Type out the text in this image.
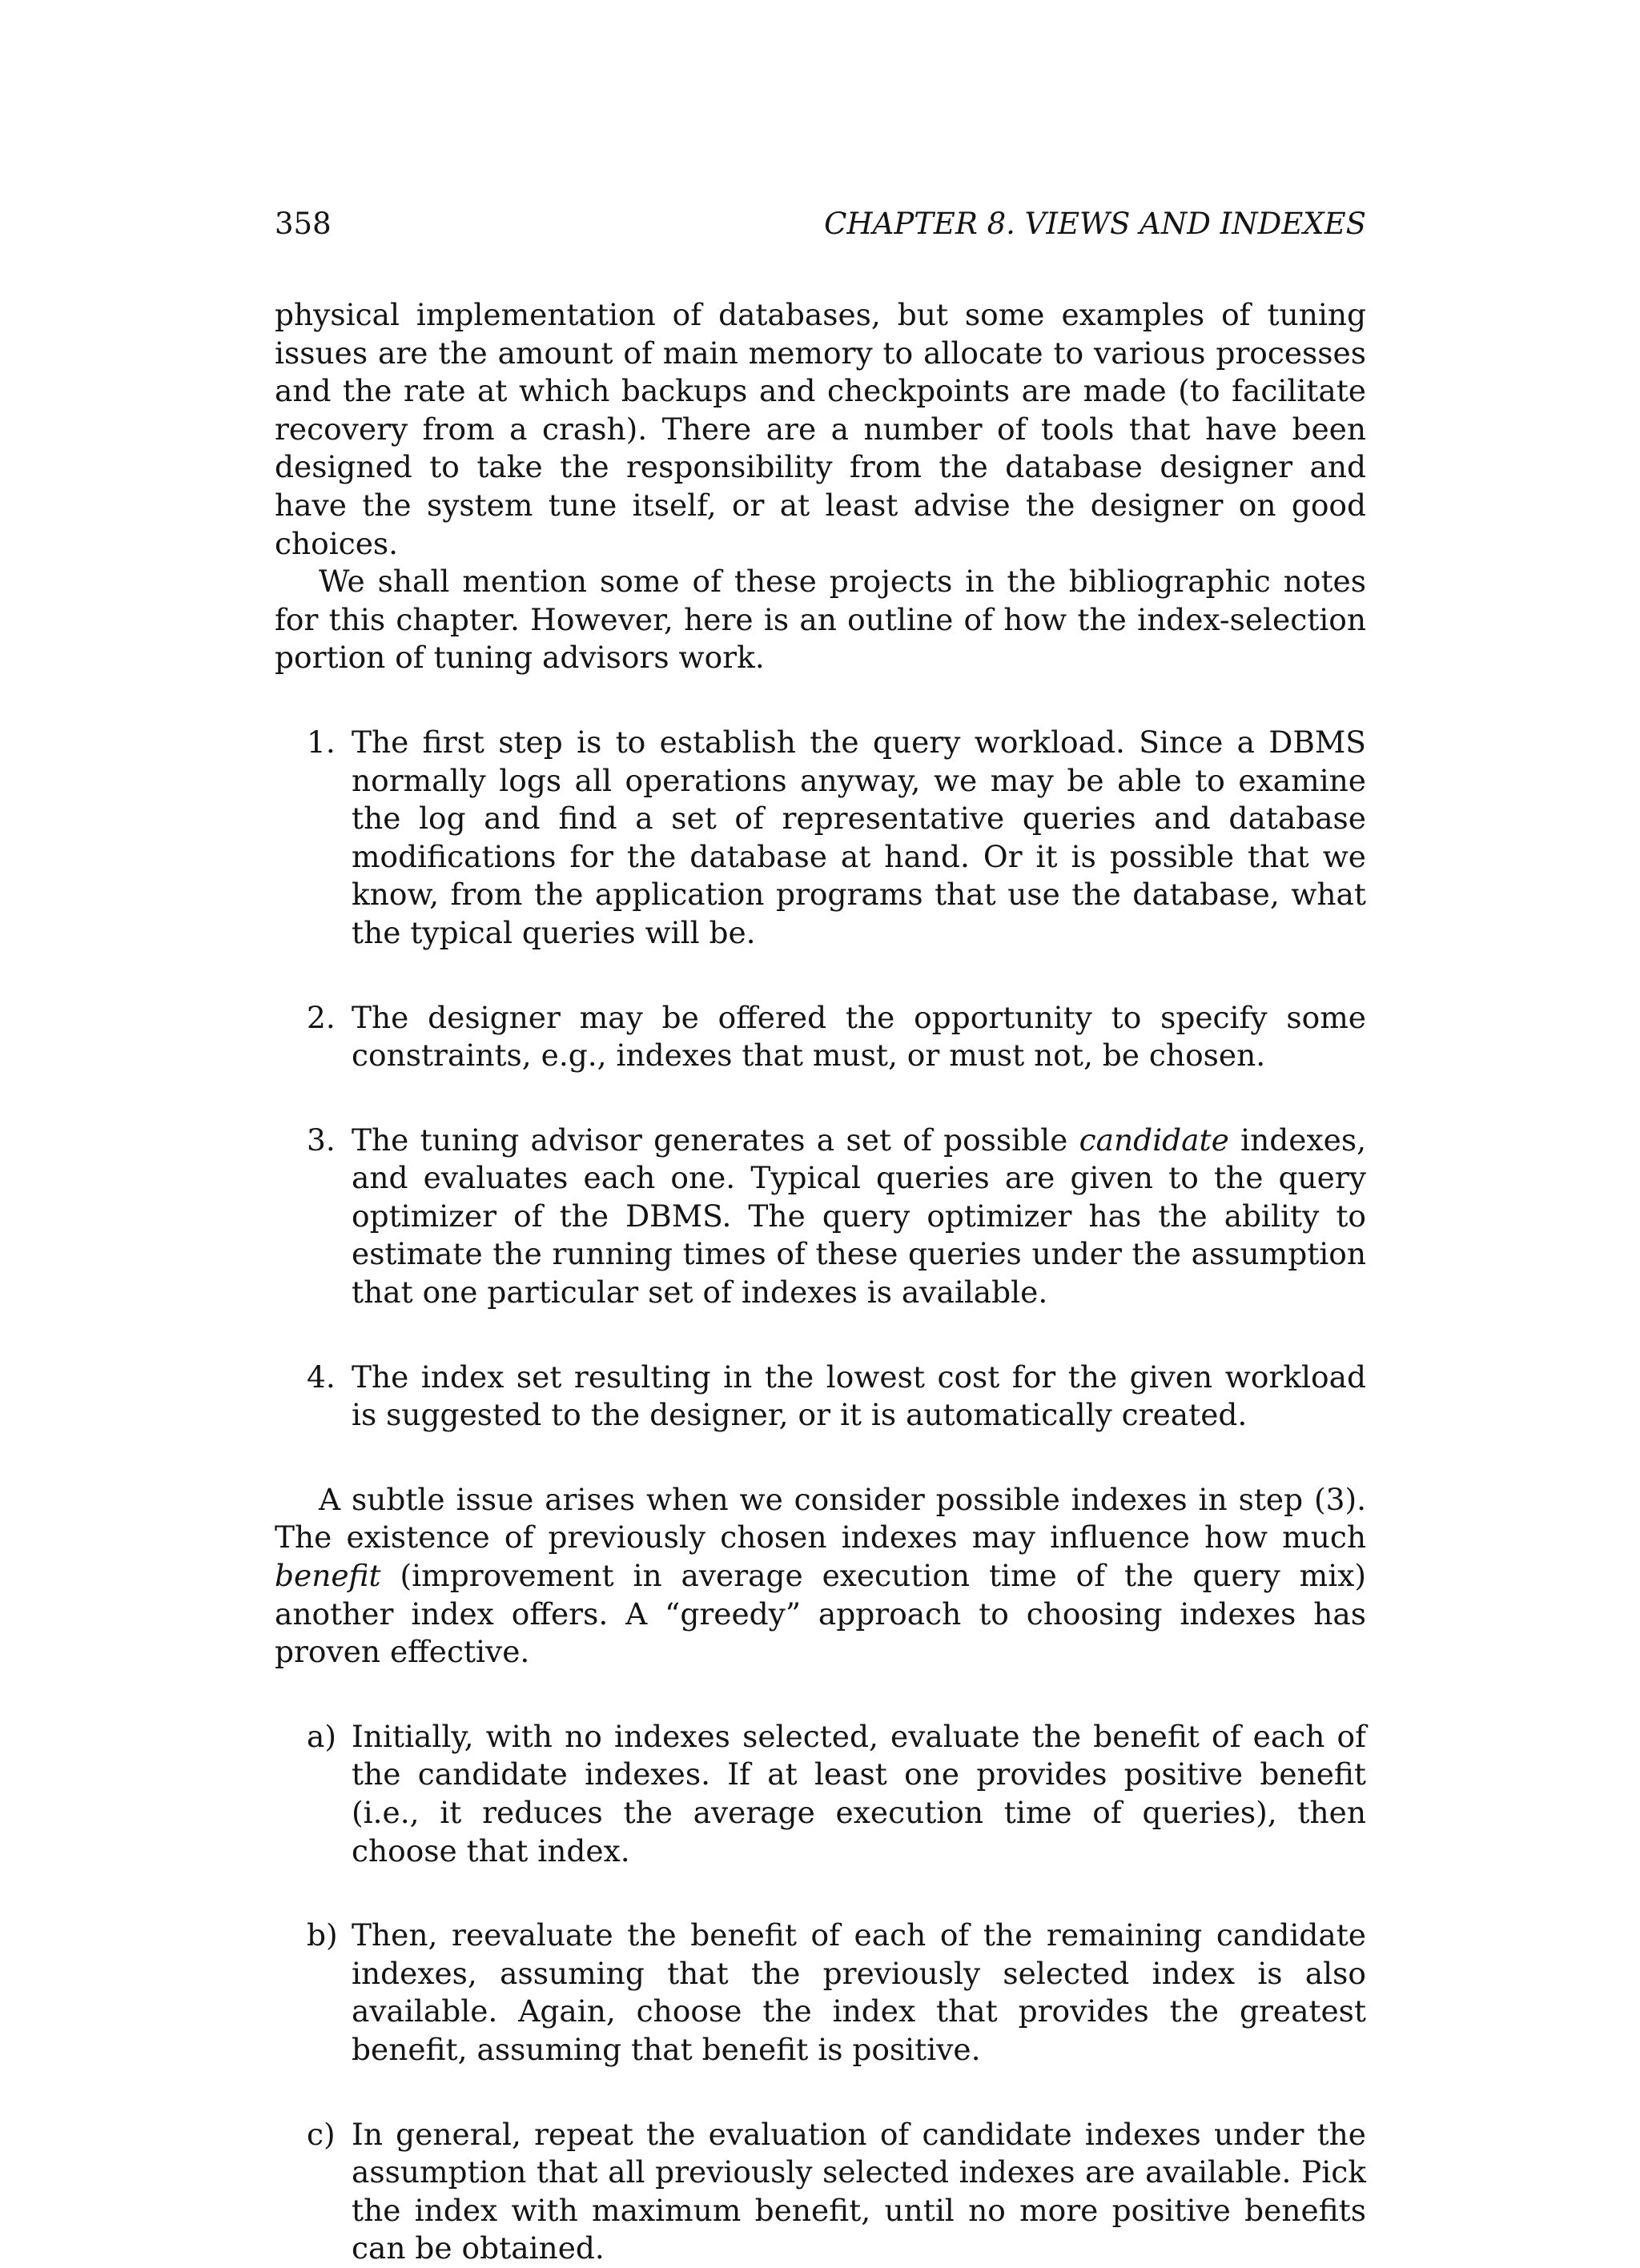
358	CHAPTER 8. VIEWS AND INDEXES

physical implementation of databases, but some examples of tuning issues are the amount of main memory to allocate to various processes and the rate at which backups and checkpoints are made (to facilitate recovery from a crash). There are a number of tools that have been designed to take the responsibility from the database designer and have the system tune itself, or at least advise the designer on good choices.

We shall mention some of these projects in the bibliographic notes for this chapter. However, here is an outline of how the index-selection portion of tuning advisors work.

1. The first step is to establish the query workload. Since a DBMS normally logs all operations anyway, we may be able to examine the log and find a set of representative queries and database modifications for the database at hand. Or it is possible that we know, from the application programs that use the database, what the typical queries will be.
2. The designer may be offered the opportunity to specify some constraints, e.g., indexes that must, or must not, be chosen.
3. The tuning advisor generates a set of possible candidate indexes, and evaluates each one. Typical queries are given to the query optimizer of the DBMS. The query optimizer has the ability to estimate the running times of these queries under the assumption that one particular set of indexes is available.
4. The index set resulting in the lowest cost for the given workload is suggested to the designer, or it is automatically created.

A subtle issue arises when we consider possible indexes in step (3). The existence of previously chosen indexes may influence how much benefit (improvement in average execution time of the query mix) another index offers. A “greedy” approach to choosing indexes has proven effective.

a) Initially, with no indexes selected, evaluate the benefit of each of the candidate indexes. If at least one provides positive benefit (i.e., it reduces the average execution time of queries), then choose that index.
b) Then, reevaluate the benefit of each of the remaining candidate indexes, assuming that the previously selected index is also available. Again, choose the index that provides the greatest benefit, assuming that benefit is positive.
c) In general, repeat the evaluation of candidate indexes under the assumption that all previously selected indexes are available. Pick the index with maximum benefit, until no more positive benefits can be obtained.
